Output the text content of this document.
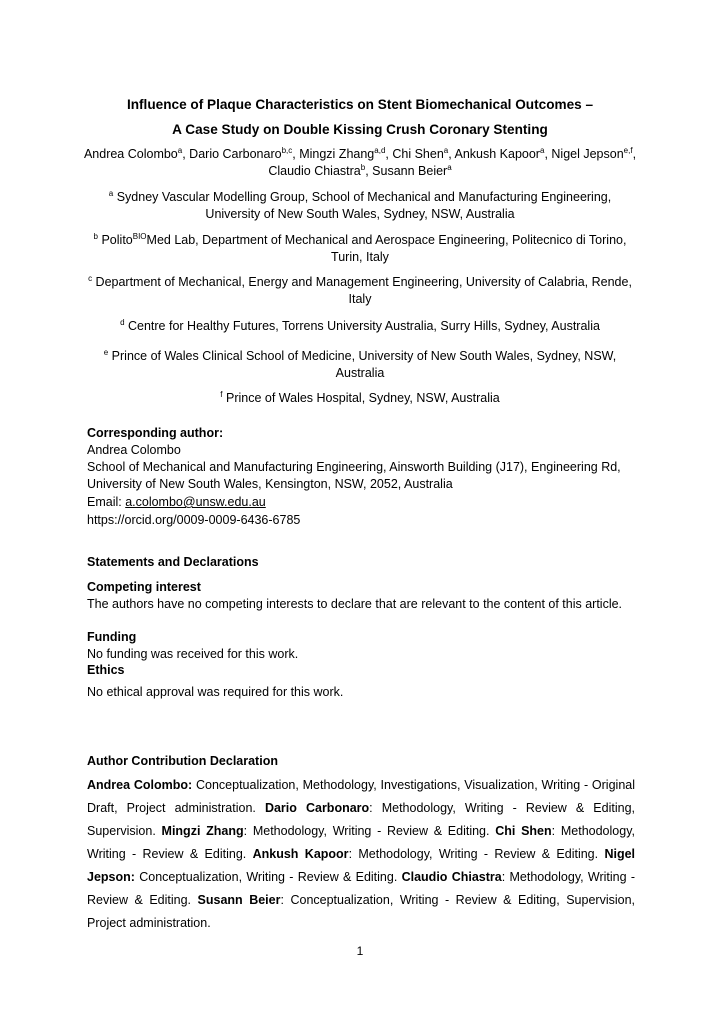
Influence of Plaque Characteristics on Stent Biomechanical Outcomes –

A Case Study on Double Kissing Crush Coronary Stenting

Andrea Colombo$^a$, Dario Carbonaro$^{b,c}$, Mingzi Zhang$^{a,d}$, Chi Shen$^a$, Ankush Kapoor$^a$, Nigel Jepson$^{e,f}$, Claudio Chiastra$^b$, Susann Beier$^a$

$^a$ Sydney Vascular Modelling Group, School of Mechanical and Manufacturing Engineering, University of New South Wales, Sydney, NSW, Australia

$^b$ Polito$^{BIO}$Med Lab, Department of Mechanical and Aerospace Engineering, Politecnico di Torino, Turin, Italy

$^c$ Department of Mechanical, Energy and Management Engineering, University of Calabria, Rende, Italy

$^d$ Centre for Healthy Futures, Torrens University Australia, Surry Hills, Sydney, Australia

$^e$ Prince of Wales Clinical School of Medicine, University of New South Wales, Sydney, NSW, Australia

$^f$ Prince of Wales Hospital, Sydney, NSW, Australia

Corresponding author:

Andrea Colombo

School of Mechanical and Manufacturing Engineering, Ainsworth Building (J17), Engineering Rd, University of New South Wales, Kensington, NSW, 2052, Australia

Email: a.colombo@unsw.edu.au

https://orcid.org/0009-0009-6436-6785

Statements and Declarations

Competing interest

The authors have no competing interests to declare that are relevant to the content of this article.

Funding

No funding was received for this work.

Ethics

No ethical approval was required for this work.

Author Contribution Declaration

Andrea Colombo: Conceptualization, Methodology, Investigations, Visualization, Writing - Original Draft, Project administration. Dario Carbonaro: Methodology, Writing - Review & Editing, Supervision. Mingzi Zhang: Methodology, Writing - Review & Editing. Chi Shen: Methodology, Writing - Review & Editing. Ankush Kapoor: Methodology, Writing - Review & Editing. Nigel Jepson: Conceptualization, Writing - Review & Editing. Claudio Chiastra: Methodology, Writing - Review & Editing. Susann Beier: Conceptualization, Writing - Review & Editing, Supervision, Project administration.

1
